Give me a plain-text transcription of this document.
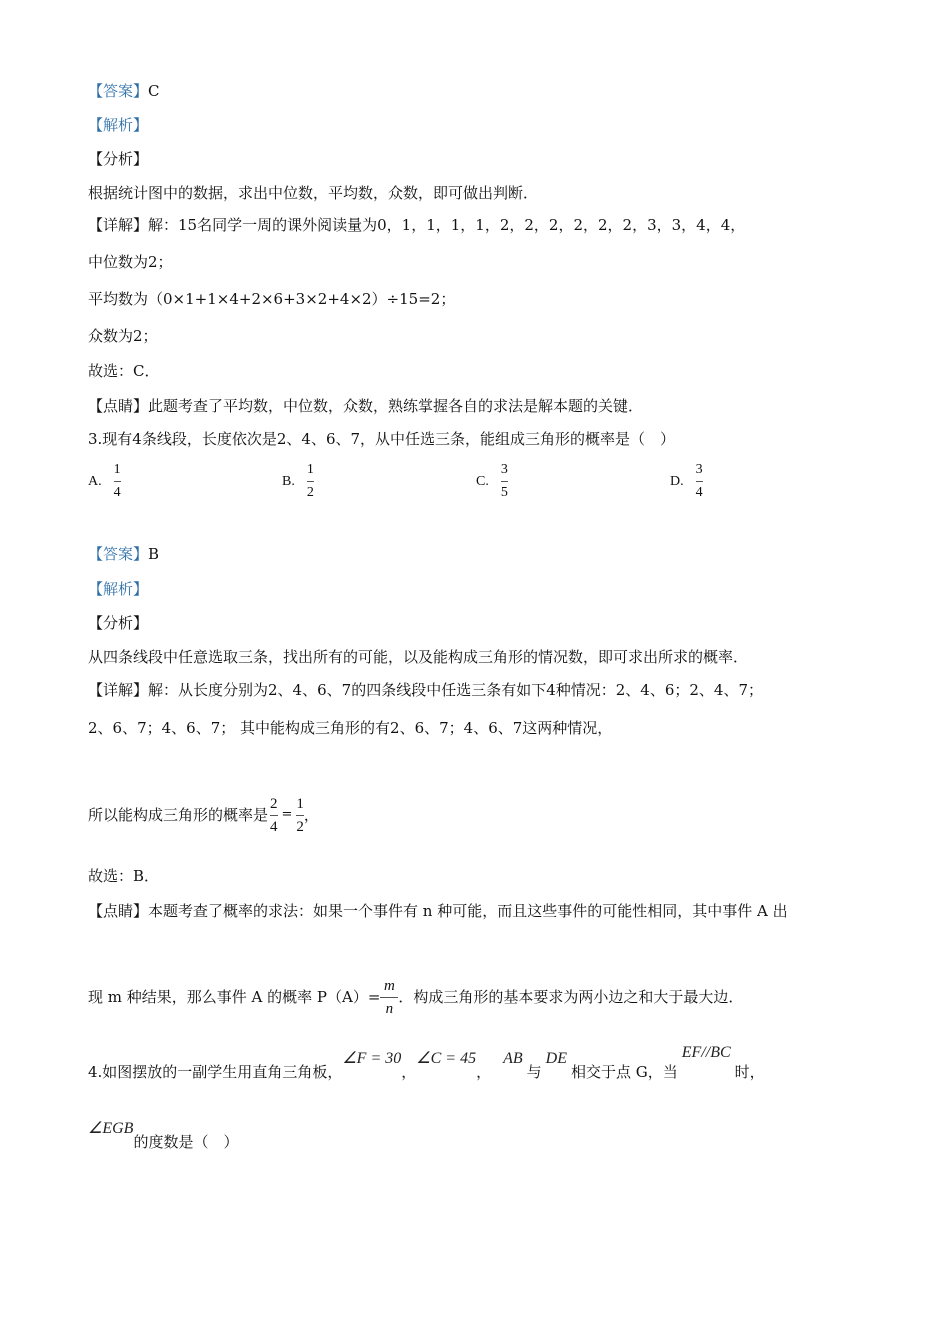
【答案】C
【解析】
【分析】
根据统计图中的数据，求出中位数，平均数，众数，即可做出判断．
【详解】解：15名同学一周的课外阅读量为0，1，1，1，1，2，2，2，2，2，2，3，3，4，4，
中位数为2；
平均数为（0×1+1×4+2×6+3×2+4×2）÷15=2；
众数为2；
故选：C．
【点睛】此题考查了平均数，中位数，众数，熟练掌握各自的求法是解本题的关键．
3.现有4条线段，长度依次是2、4、6、7，从中任选三条，能组成三角形的概率是（　）
A. $\frac{1}{4}$	B. $\frac{1}{2}$	C. $\frac{3}{5}$	D. $\frac{3}{4}$
【答案】B
【解析】
【分析】
从四条线段中任意选取三条，找出所有的可能，以及能构成三角形的情况数，即可求出所求的概率．
【详解】解：从长度分别为2、4、6、7的四条线段中任选三条有如下4种情况：2、4、6；2、4、7；
2、6、7；4、6、7； 其中能构成三角形的有2、6、7；4、6、7这两种情况，
所以能构成三角形的概率是 $\frac{2}{4} = \frac{1}{2}$ ，
故选：B．
【点睛】本题考查了概率的求法：如果一个事件有 n 种可能，而且这些事件的可能性相同，其中事件 A 出
现 m 种结果，那么事件 A 的概率 $P(A)= \frac{m}{n}$ ．构成三角形的基本要求为两小边之和大于最大边．
4.如图摆放的一副学生用直角三角板，∠F = 30，∠C = 45，AB与DE相交于点 G，当EF//BC时，
∠EGB的度数是（　）
